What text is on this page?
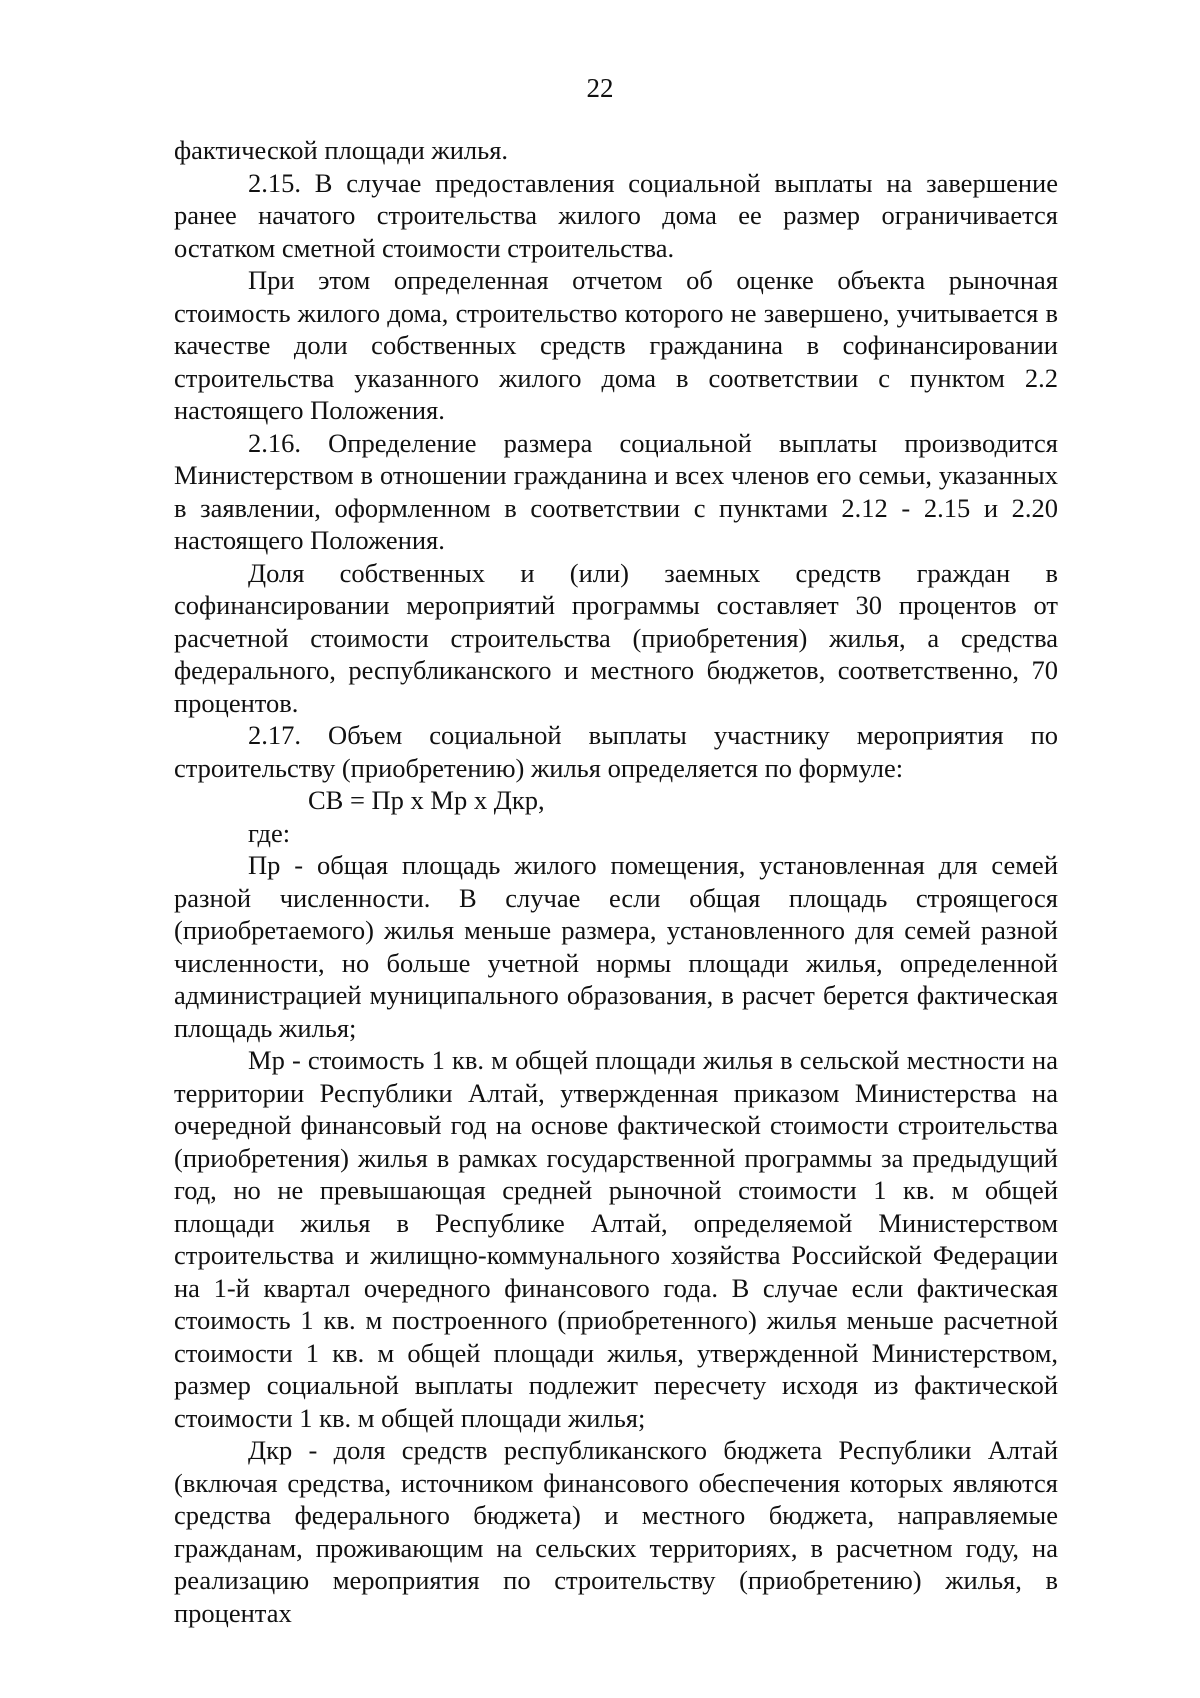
22

фактической площади жилья.

2.15. В случае предоставления социальной выплаты на завершение ранее начатого строительства жилого дома ее размер ограничивается остатком сметной стоимости строительства.

При этом определенная отчетом об оценке объекта рыночная стоимость жилого дома, строительство которого не завершено, учитывается в качестве доли собственных средств гражданина в софинансировании строительства указанного жилого дома в соответствии с пунктом 2.2 настоящего Положения.

2.16. Определение размера социальной выплаты производится Министерством в отношении гражданина и всех членов его семьи, указанных в заявлении, оформленном в соответствии с пунктами 2.12 - 2.15 и 2.20 настоящего Положения.

Доля собственных и (или) заемных средств граждан в софинансировании мероприятий программы составляет 30 процентов от расчетной стоимости строительства (приобретения) жилья, а средства федерального, республиканского и местного бюджетов, соответственно, 70 процентов.

2.17. Объем социальной выплаты участнику мероприятия по строительству (приобретению) жилья определяется по формуле:

СВ = Пр х Мр х Дкр,

где:

Пр - общая площадь жилого помещения, установленная для семей разной численности. В случае если общая площадь строящегося (приобретаемого) жилья меньше размера, установленного для семей разной численности, но больше учетной нормы площади жилья, определенной администрацией муниципального образования, в расчет берется фактическая площадь жилья;

Мр - стоимость 1 кв. м общей площади жилья в сельской местности на территории Республики Алтай, утвержденная приказом Министерства на очередной финансовый год на основе фактической стоимости строительства (приобретения) жилья в рамках государственной программы за предыдущий год, но не превышающая средней рыночной стоимости 1 кв. м общей площади жилья в Республике Алтай, определяемой Министерством строительства и жилищно-коммунального хозяйства Российской Федерации на 1-й квартал очередного финансового года. В случае если фактическая стоимость 1 кв. м построенного (приобретенного) жилья меньше расчетной стоимости 1 кв. м общей площади жилья, утвержденной Министерством, размер социальной выплаты подлежит пересчету исходя из фактической стоимости 1 кв. м общей площади жилья;

Дкр - доля средств республиканского бюджета Республики Алтай (включая средства, источником финансового обеспечения которых являются средства федерального бюджета) и местного бюджета, направляемые гражданам, проживающим на сельских территориях, в расчетном году, на реализацию мероприятия по строительству (приобретению) жилья, в процентах
